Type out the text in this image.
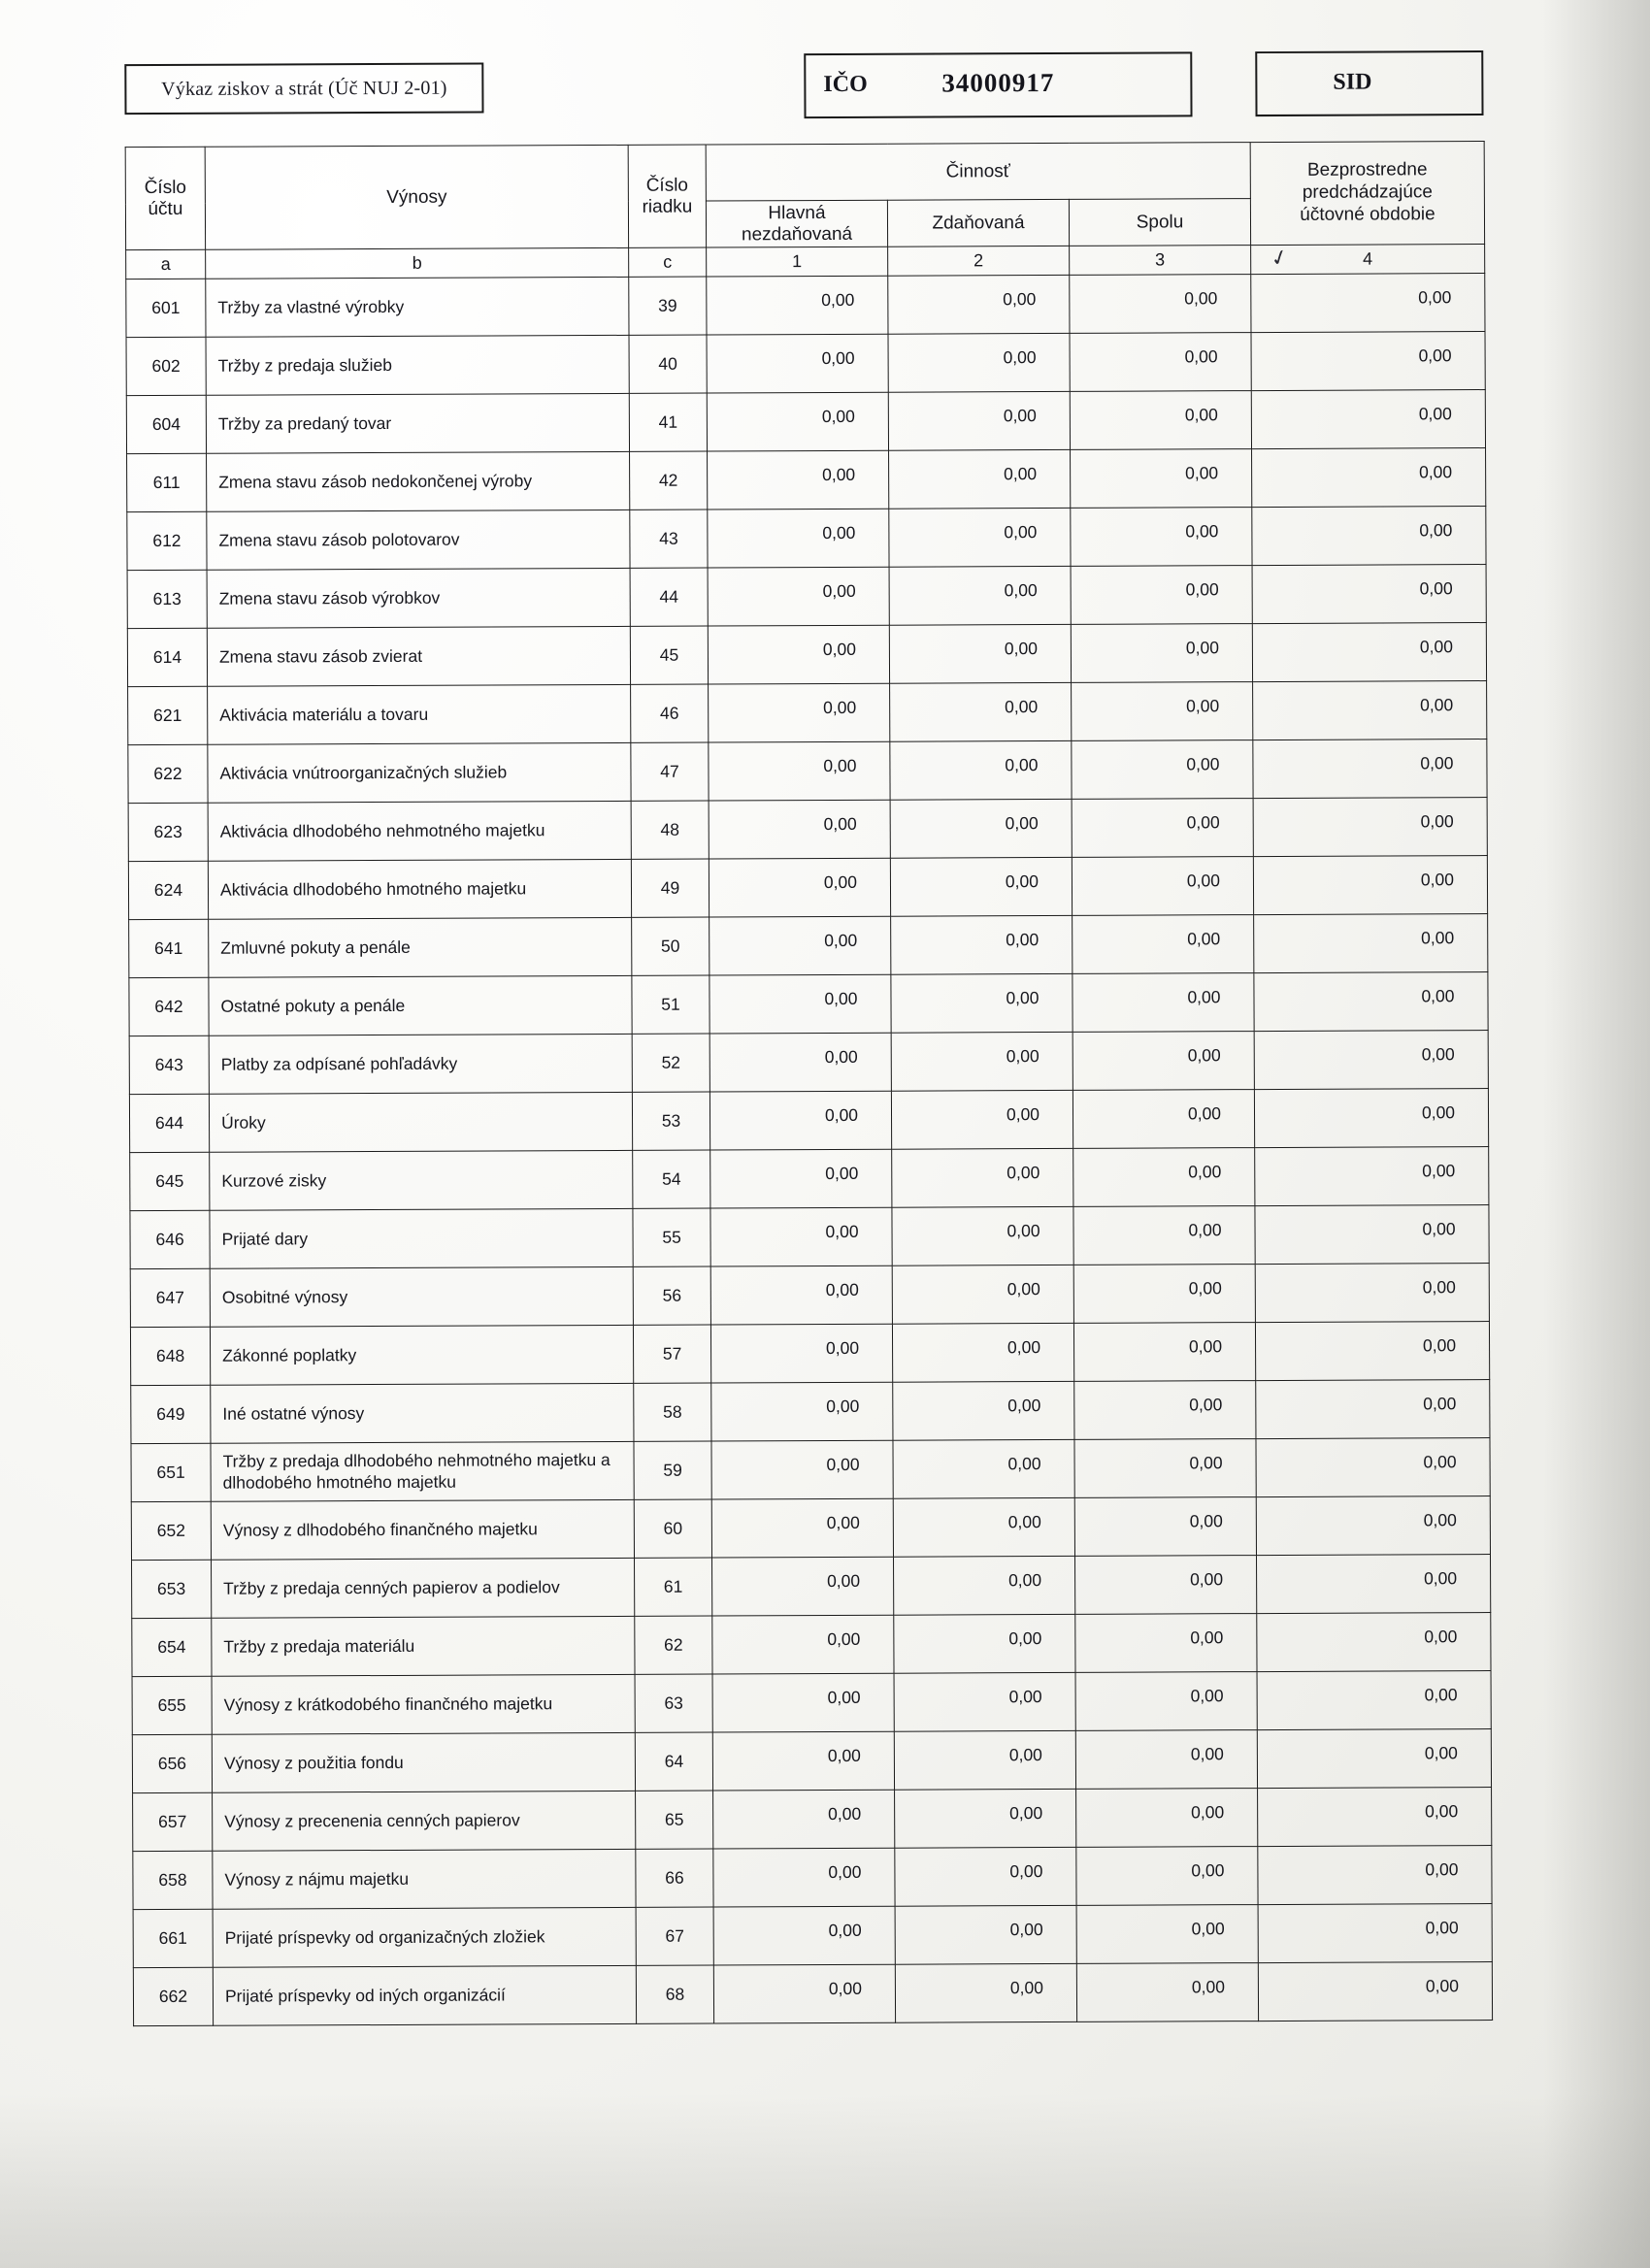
Výkaz ziskov a strát (Úč NUJ 2-01)	IČO	34000917	SID
Číslo
účtu
	Výnosy	
Číslo
riadku
	Činnosť	Bezprostredne
predchádzajúce
účtovné obdobie

			Hlavná
nezdaňovaná	Zdaňovaná	Spolu	
a	b	c	1	2	3	4
601	Tržby za vlastné výrobky	39	0,00	0,00	0,00	0,00
602	Tržby z predaja služieb	40	0,00	0,00	0,00	0,00
604	Tržby za predaný tovar	41	0,00	0,00	0,00	0,00
611	Zmena stavu zásob nedokončenej výroby	42	0,00	0,00	0,00	0,00
612	Zmena stavu zásob polotovarov	43	0,00	0,00	0,00	0,00
613	Zmena stavu zásob výrobkov	44	0,00	0,00	0,00	0,00
614	Zmena stavu zásob zvierat	45	0,00	0,00	0,00	0,00
621	Aktivácia materiálu a tovaru	46	0,00	0,00	0,00	0,00
622	Aktivácia vnútroorganizačných služieb	47	0,00	0,00	0,00	0,00
623	Aktivácia dlhodobého nehmotného majetku	48	0,00	0,00	0,00	0,00
624	Aktivácia dlhodobého hmotného majetku	49	0,00	0,00	0,00	0,00
641	Zmluvné pokuty a penále	50	0,00	0,00	0,00	0,00
642	Ostatné pokuty a penále	51	0,00	0,00	0,00	0,00
643	Platby za odpísané pohľadávky	52	0,00	0,00	0,00	0,00
644	Úroky	53	0,00	0,00	0,00	0,00
645	Kurzové zisky	54	0,00	0,00	0,00	0,00
646	Prijaté dary	55	0,00	0,00	0,00	0,00
647	Osobitné výnosy	56	0,00	0,00	0,00	0,00
648	Zákonné poplatky	57	0,00	0,00	0,00	0,00
649	Iné ostatné výnosy	58	0,00	0,00	0,00	0,00
651	Tržby z predaja dlhodobého nehmotného majetku a dlhodobého hmotného majetku	59	0,00	0,00	0,00	0,00
652	Výnosy z dlhodobého finančného majetku	60	0,00	0,00	0,00	0,00
653	Tržby z predaja cenných papierov a podielov	61	0,00	0,00	0,00	0,00
654	Tržby z predaja materiálu	62	0,00	0,00	0,00	0,00
655	Výnosy z krátkodobého finančného majetku	63	0,00	0,00	0,00	0,00
656	Výnosy z použitia fondu	64	0,00	0,00	0,00	0,00
657	Výnosy z precenenia cenných papierov	65	0,00	0,00	0,00	0,00
658	Výnosy z nájmu majetku	66	0,00	0,00	0,00	0,00
661	Prijaté príspevky od organizačných zložiek	67	0,00	0,00	0,00	0,00
662	Prijaté príspevky od iných organizácií	68	0,00	0,00	0,00	0,00
✓
